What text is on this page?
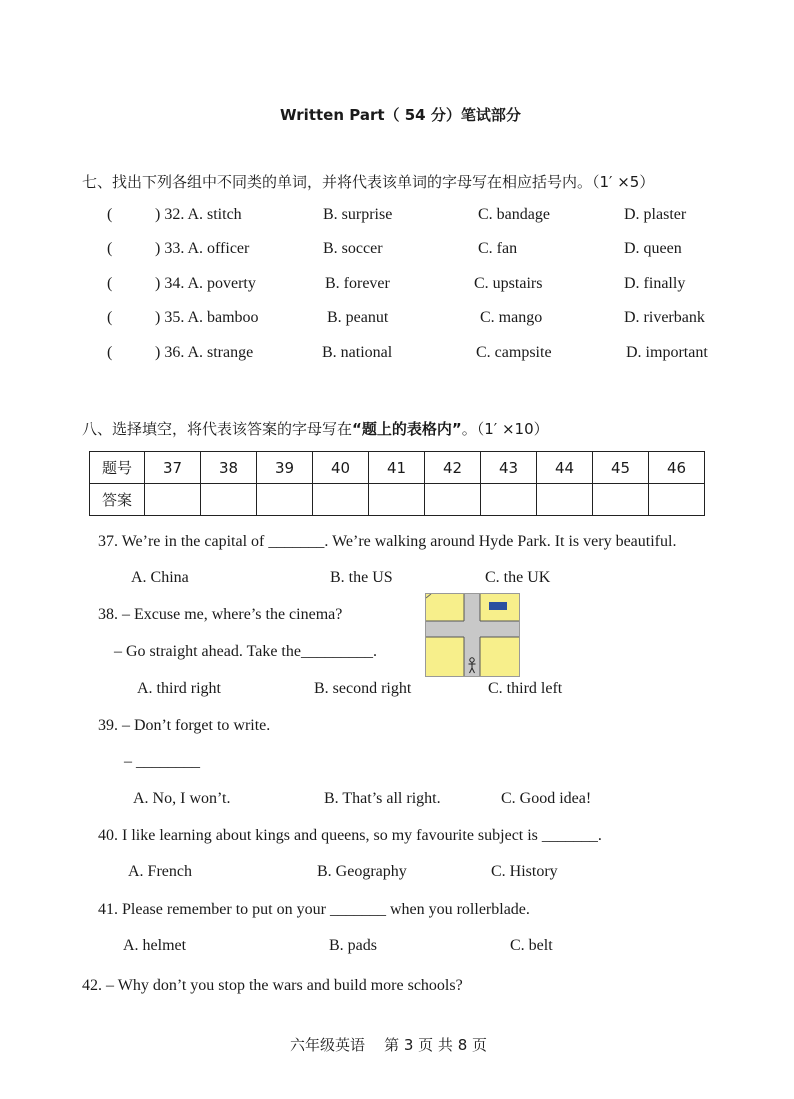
Written Part（ 54 分）笔试部分
七、找出下列各组中不同类的单词，并将代表该单词的字母写在相应括号内。（1′ ×5）
(	) 32. A. stitch	B. surprise	C. bandage	D. plaster
(	) 33. A. officer	B. soccer	C. fan	D. queen
(	) 34. A. poverty	B. forever	C. upstairs	D. finally
(	) 35. A. bamboo	B. peanut	C. mango	D. riverbank
(	) 36. A. strange	B. national	C. campsite	D. important
八、选择填空，将代表该答案的字母写在“题上的表格内”。（1′ ×10）
题号	37	38	39	40	41	42	43	44	45	46
答案										
37. We’re in the capital of _______. We’re walking around Hyde Park. It is very beautiful.
A. China	B. the US	C. the UK
38. – Excuse me, where’s the cinema?
– Go straight ahead. Take the_________.
A. third right	B. second right	C. third left
39. – Don’t forget to write.
– ________
A. No, I won’t.	B. That’s all right.	C. Good idea!
40. I like learning about kings and queens, so my favourite subject is _______.
A. French	B. Geography	C. History
41. Please remember to put on your _______ when you rollerblade.
A. helmet	B. pads	C. belt
42. – Why don’t you stop the wars and build more schools?
六年级英语    第 3 页 共 8 页
